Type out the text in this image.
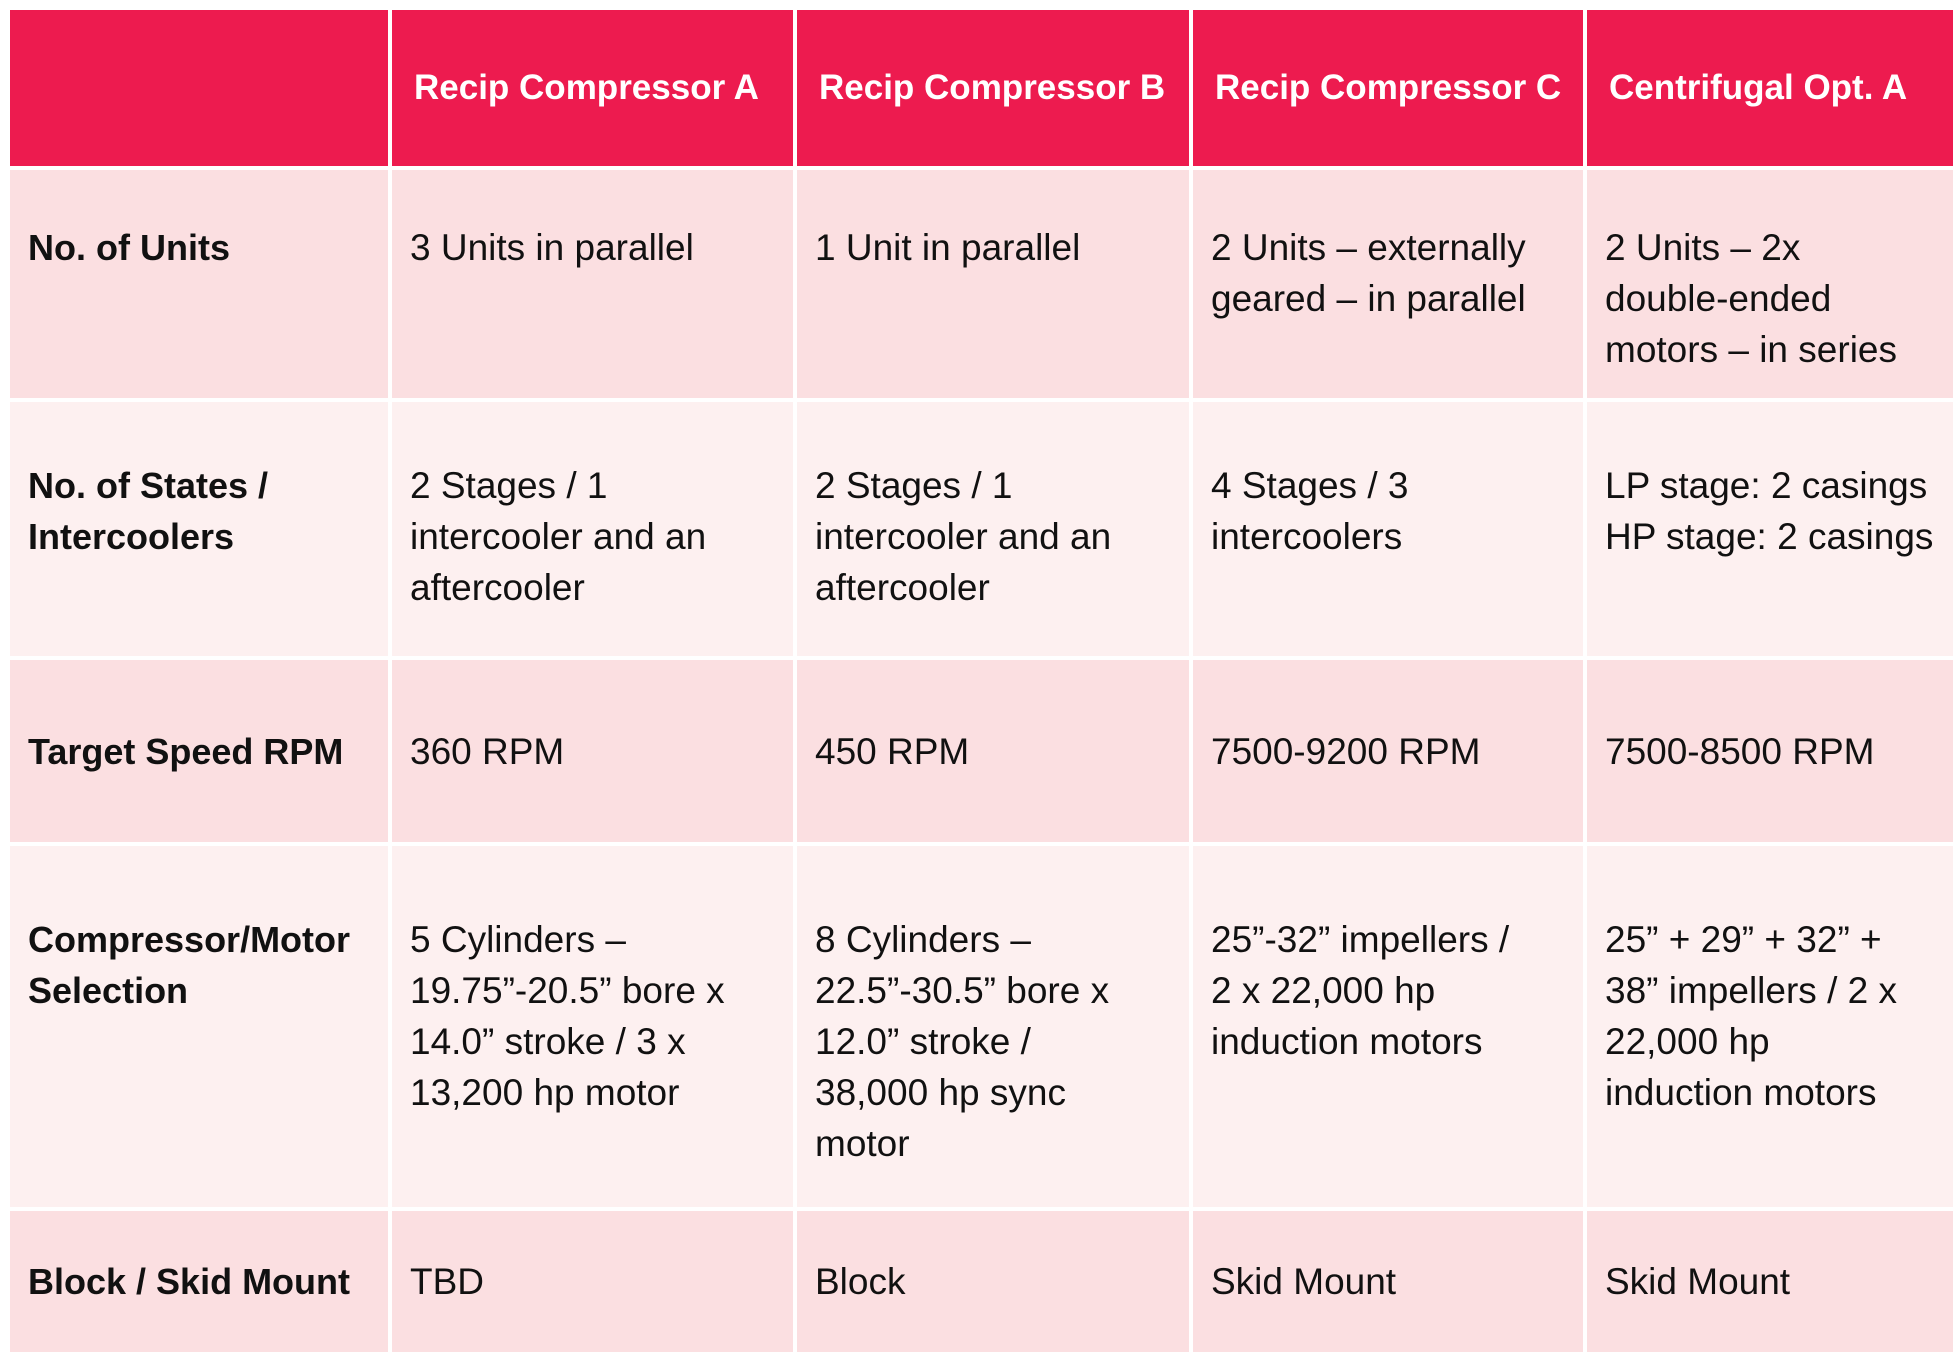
	Recip Compressor A	Recip Compressor B	Recip Compressor C	Centrifugal Opt. A

No. of Units	3 Units in parallel	1 Unit in parallel	2 Units – externally
geared – in parallel	2 Units – 2x
double-ended
motors – in series

No. of States /
Intercoolers	2 Stages / 1
intercooler and an
aftercooler	2 Stages / 1
intercooler and an
aftercooler	4 Stages / 3
intercoolers	LP stage: 2 casings
HP stage: 2 casings

Target Speed RPM	360 RPM	450 RPM	7500-9200 RPM	7500-8500 RPM

Compressor/Motor
Selection	5 Cylinders –
19.75”-20.5” bore x
14.0” stroke / 3 x
13,200 hp motor	8 Cylinders –
22.5”-30.5” bore x
12.0” stroke /
38,000 hp sync
motor	25”-32” impellers /
2 x 22,000 hp
induction motors	25” + 29” + 32” +
38” impellers / 2 x
22,000 hp
induction motors

Block / Skid Mount	TBD	Block	Skid Mount	Skid Mount
